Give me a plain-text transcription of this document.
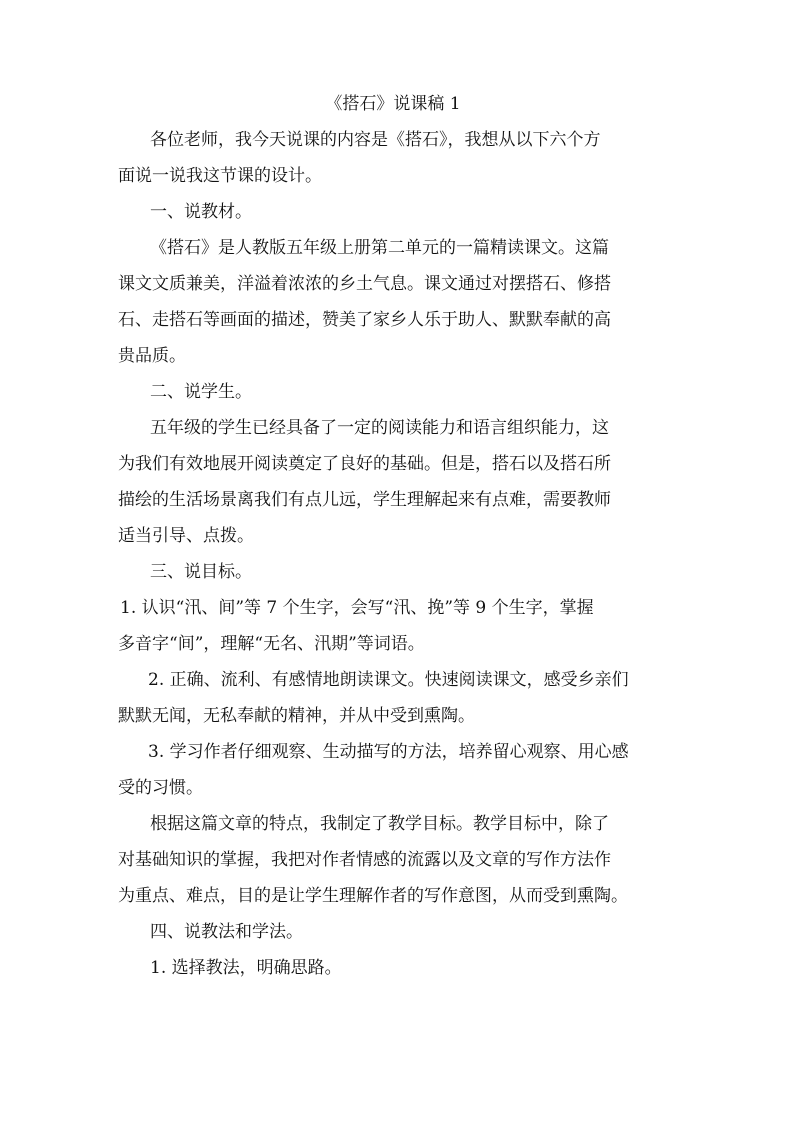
《搭石》说课稿 1
各位老师，我今天说课的内容是《搭石》，我想从以下六个方
面说一说我这节课的设计。
一、说教材。
《搭石》是人教版五年级上册第二单元的一篇精读课文。这篇
课文文质兼美，洋溢着浓浓的乡土气息。课文通过对摆搭石、修搭
石、走搭石等画面的描述，赞美了家乡人乐于助人、默默奉献的高
贵品质。
二、说学生。
五年级的学生已经具备了一定的阅读能力和语言组织能力，这
为我们有效地展开阅读奠定了良好的基础。但是，搭石以及搭石所
描绘的生活场景离我们有点儿远，学生理解起来有点难，需要教师
适当引导、点拨。
三、说目标。
1. 认识“汛、间”等 7 个生字，会写“汛、挽”等 9 个生字，掌握
多音字“间”，理解“无名、汛期”等词语。
2. 正确、流利、有感情地朗读课文。快速阅读课文，感受乡亲们
默默无闻，无私奉献的精神，并从中受到熏陶。
3. 学习作者仔细观察、生动描写的方法，培养留心观察、用心感
受的习惯。
根据这篇文章的特点，我制定了教学目标。教学目标中，除了
对基础知识的掌握，我把对作者情感的流露以及文章的写作方法作
为重点、难点，目的是让学生理解作者的写作意图，从而受到熏陶。
四、说教法和学法。
1. 选择教法，明确思路。
